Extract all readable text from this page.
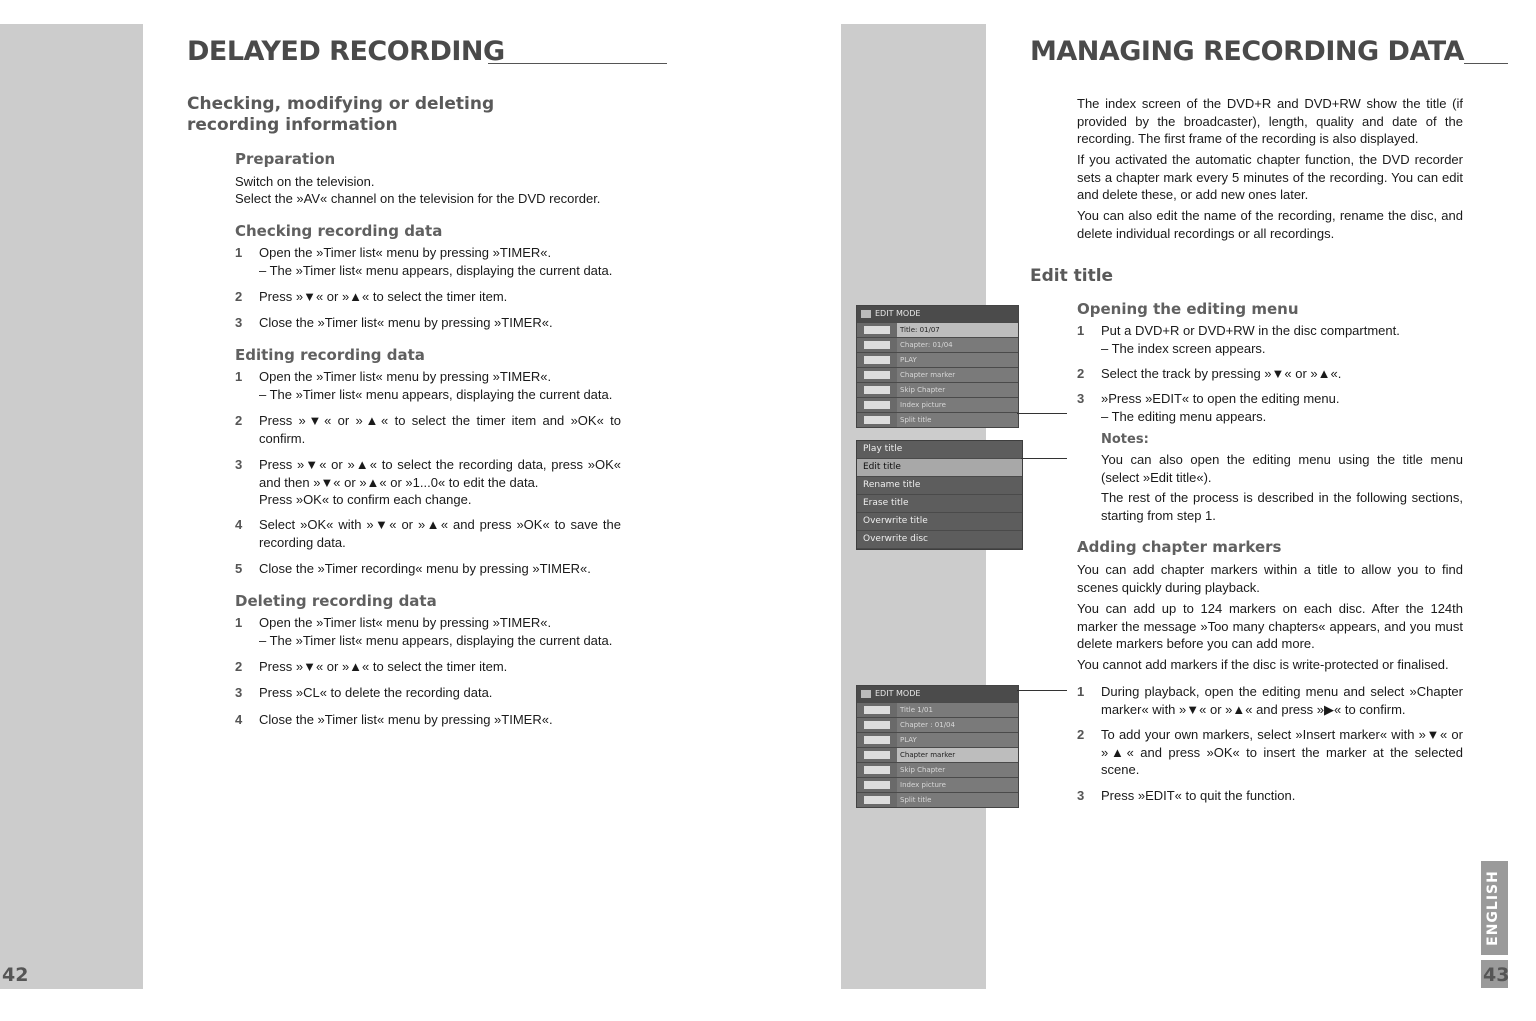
DELAYED RECORDING
Checking, modifying or deleting recording information
Preparation
Switch on the television.
Select the »AV« channel on the television for the DVD recorder.
Checking recording data
1 Open the »Timer list« menu by pressing »TIMER«.
– The »Timer list« menu appears, displaying the current data.
2 Press »▼« or »▲« to select the timer item.
3 Close the »Timer list« menu by pressing »TIMER«.
Editing recording data
1 Open the »Timer list« menu by pressing »TIMER«.
– The »Timer list« menu appears, displaying the current data.
2 Press »▼« or »▲« to select the timer item and »OK« to confirm.
3 Press »▼« or »▲« to select the recording data, press »OK« and then »▼« or »▲« or »1...0« to edit the data.
Press »OK« to confirm each change.
4 Select »OK« with »▼« or »▲« and press »OK« to save the recording data.
5 Close the »Timer recording« menu by pressing »TIMER«.
Deleting recording data
1 Open the »Timer list« menu by pressing »TIMER«.
– The »Timer list« menu appears, displaying the current data.
2 Press »▼« or »▲« to select the timer item.
3 Press »CL« to delete the recording data.
4 Close the »Timer list« menu by pressing »TIMER«.
42
MANAGING RECORDING DATA
The index screen of the DVD+R and DVD+RW show the title (if provided by the broadcaster), length, quality and date of the recording. The first frame of the recording is also displayed.
If you activated the automatic chapter function, the DVD recorder sets a chapter mark every 5 minutes of the recording. You can edit and delete these, or add new ones later.
You can also edit the name of the recording, rename the disc, and delete individual recordings or all recordings.
Edit title
Opening the editing menu
1 Put a DVD+R or DVD+RW in the disc compartment.
– The index screen appears.
2 Select the track by pressing »▼« or »▲«.
3 »Press »EDIT« to open the editing menu.
– The editing menu appears.
Notes:
You can also open the editing menu using the title menu (select »Edit title«).
The rest of the process is described in the following sections, starting from step 1.
Adding chapter markers
You can add chapter markers within a title to allow you to find scenes quickly during playback.
You can add up to 124 markers on each disc. After the 124th marker the message »Too many chapters« appears, and you must delete markers before you can add more.
You cannot add markers if the disc is write-protected or finalised.
1 During playback, open the editing menu and select »Chapter marker« with »▼« or »▲« and press »▶« to confirm.
2 To add your own markers, select »Insert marker« with »▼« or »▲« and press »OK« to insert the marker at the selected scene.
3 Press »EDIT« to quit the function.
ENGLISH
43
EDIT MODE
Title: 01/07
Chapter: 01/04
PLAY
Chapter marker
Skip Chapter
Index picture
Split title
Play title
Edit title
Rename title
Erase title
Overwrite title
Overwrite disc
EDIT MODE
Title 1/01
Chapter : 01/04
PLAY
Chapter marker
Skip Chapter
Index picture
Split title
